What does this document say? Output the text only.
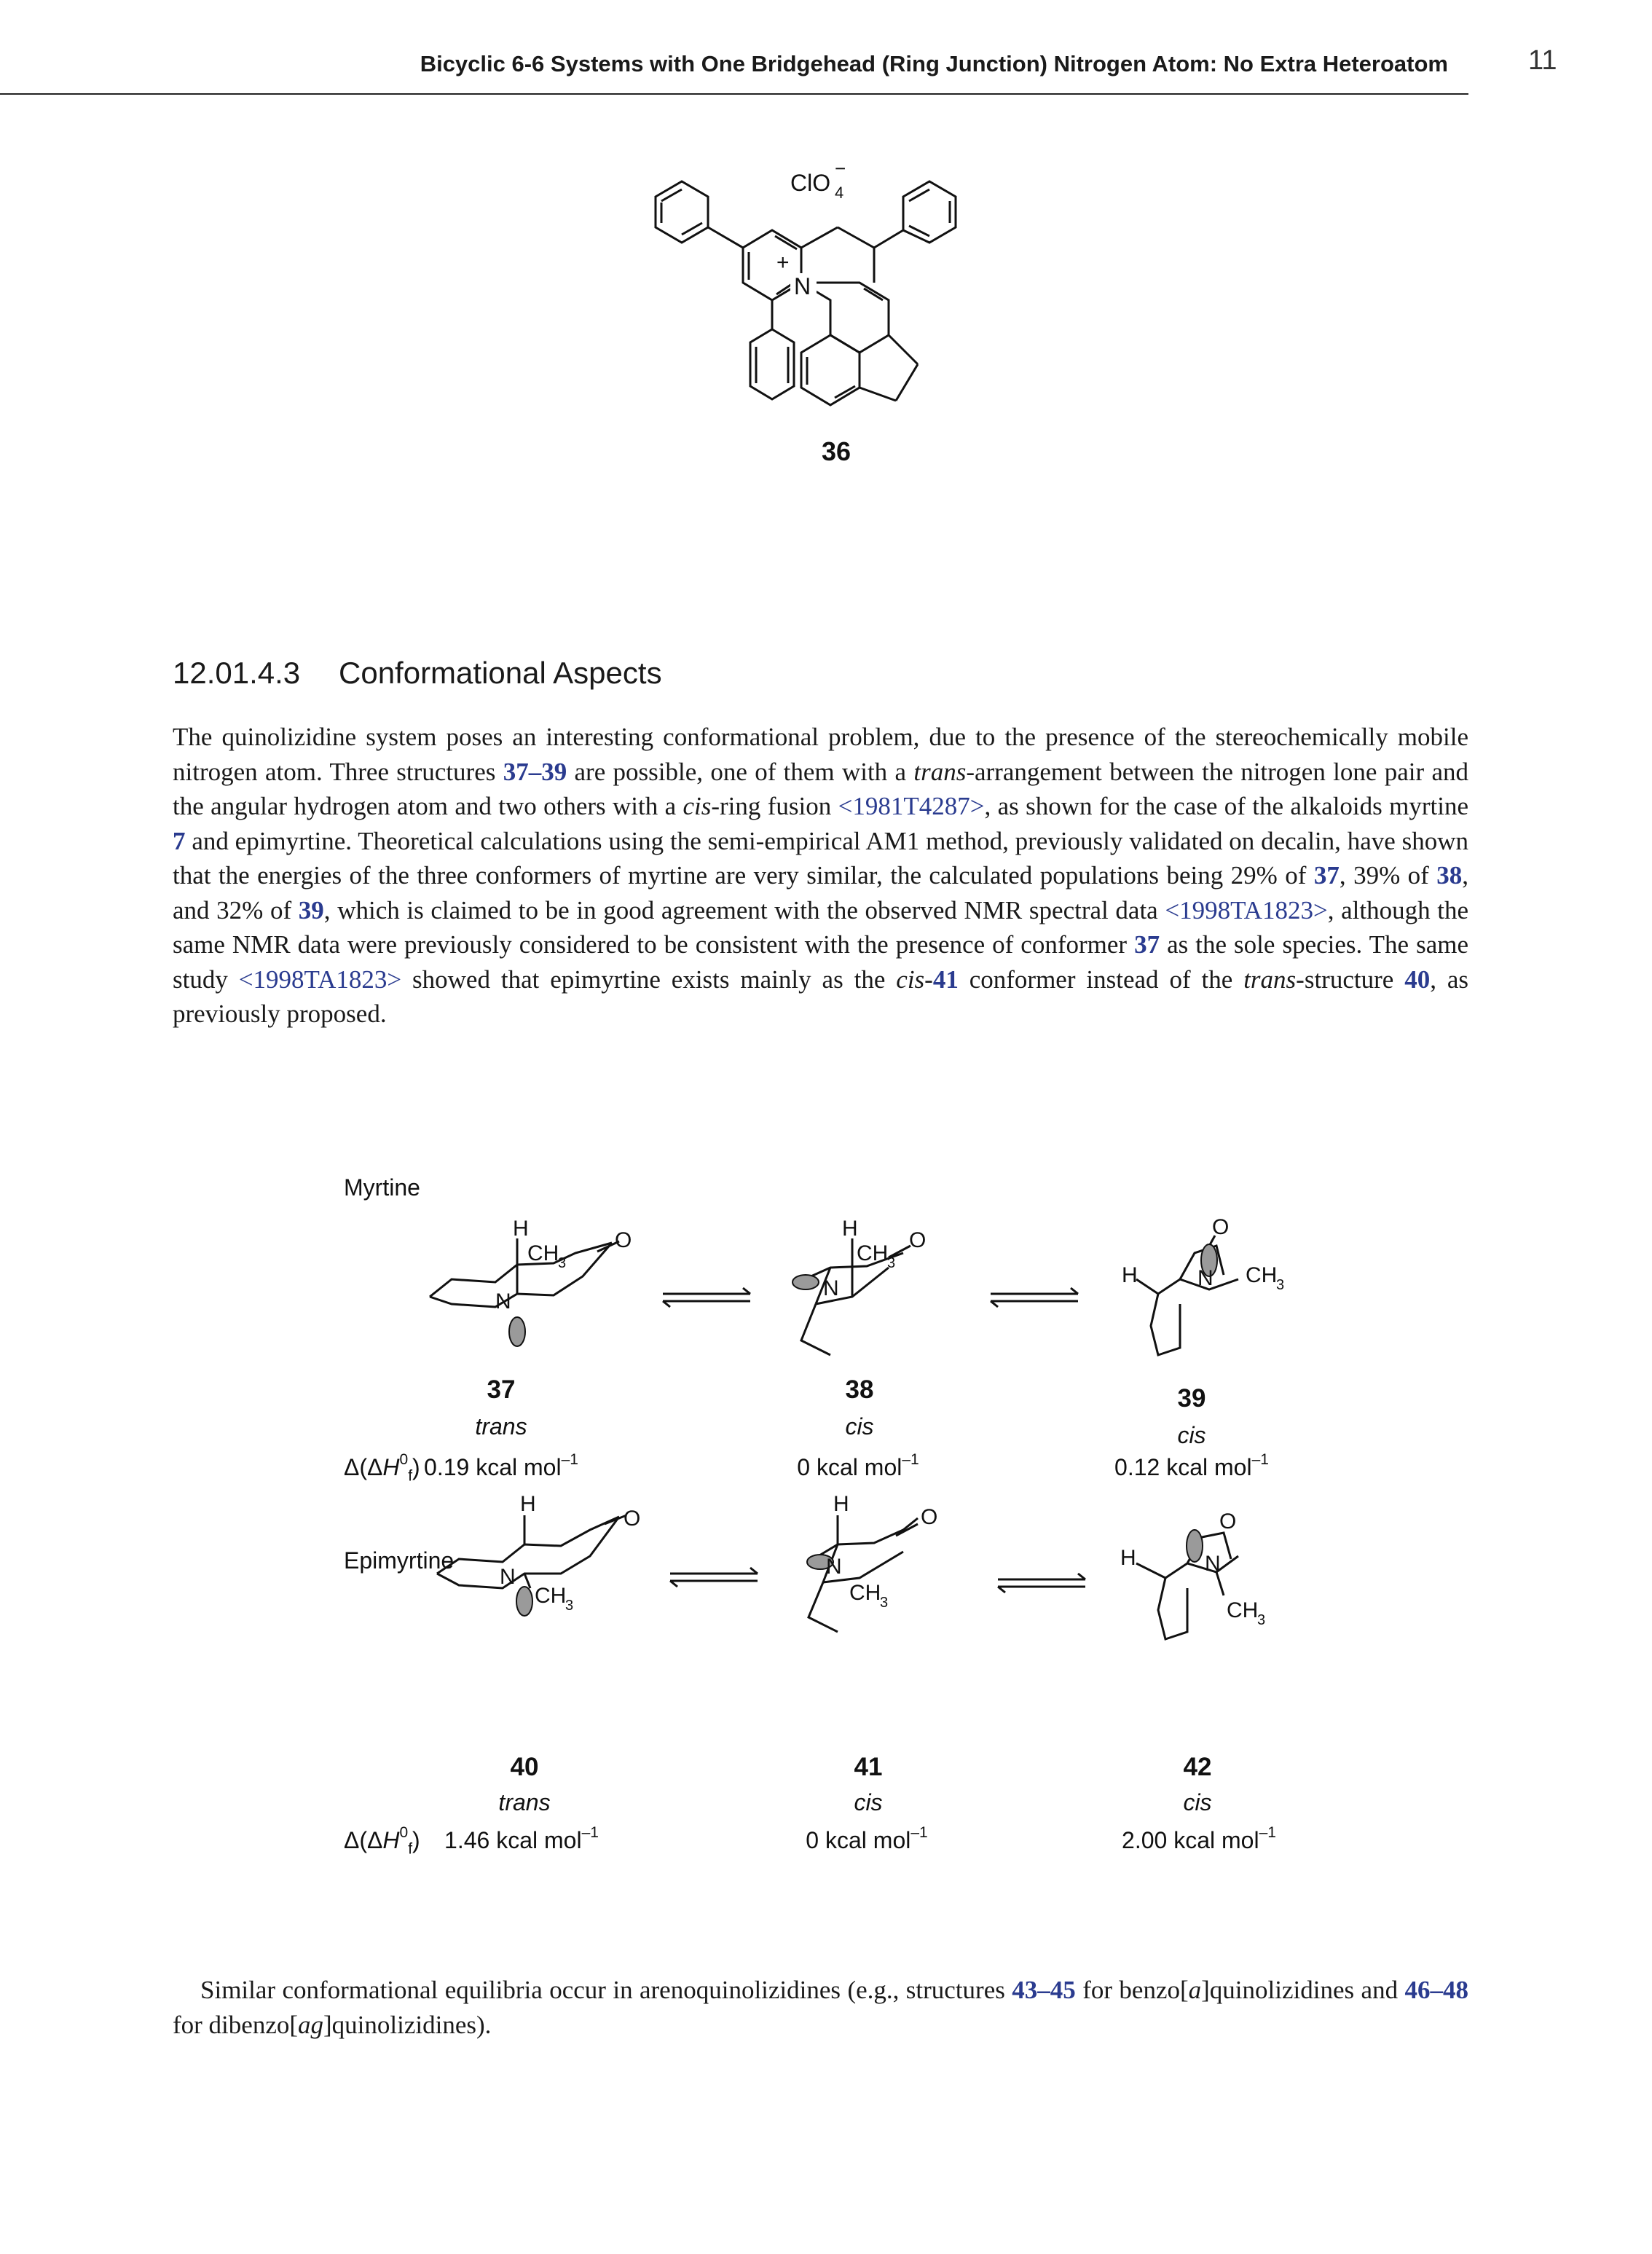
Bicyclic 6-6 Systems with One Bridgehead (Ring Junction) Nitrogen Atom: No Extra Heteroatom	11
N
+
ClO 4
−
36
12.01.4.3 Conformational Aspects

The quinolizidine system poses an interesting conformational problem, due to the presence of the stereochemically mobile nitrogen atom. Three structures 37–39 are possible, one of them with a trans-arrangement between the nitrogen lone pair and the angular hydrogen atom and two others with a cis-ring fusion <1981T4287>, as shown for the case of the alkaloids myrtine 7 and epimyrtine. Theoretical calculations using the semi-empirical AM1 method, previously validated on decalin, have shown that the energies of the three conformers of myrtine are very similar, the calculated populations being 29% of 37, 39% of 38, and 32% of 39, which is claimed to be in good agreement with the observed NMR spectral data <1998TA1823>, although the same NMR data were previously considered to be consistent with the presence of conformer 37 as the sole species. The same study <1998TA1823> showed that epimyrtine exists mainly as the cis-41 conformer instead of the trans-structure 40, as previously proposed.

Myrtine
Epimyrtine
H
CH
3
O
N
H
CH
3
O
N
H	N
O
CH
3
H
O
N
CH
3
H
O
N
CH
3
H	N
O
CH
3
37	38	39
trans	cis	cis
$\Delta(\Delta H^0_f)$ 0.19 kcal mol$^{-1}$	0 kcal mol$^{-1}$	0.12 kcal mol$^{-1}$
40	41	42
trans	cis	cis
$\Delta(\Delta H^0_f)$	1.46 kcal mol$^{-1}$	0 kcal mol$^{-1}$	2.00 kcal mol$^{-1}$

Similar conformational equilibria occur in arenoquinolizidines (e.g., structures 43–45 for benzo[a]quinolizidines and 46–48 for dibenzo[ag]quinolizidines).
